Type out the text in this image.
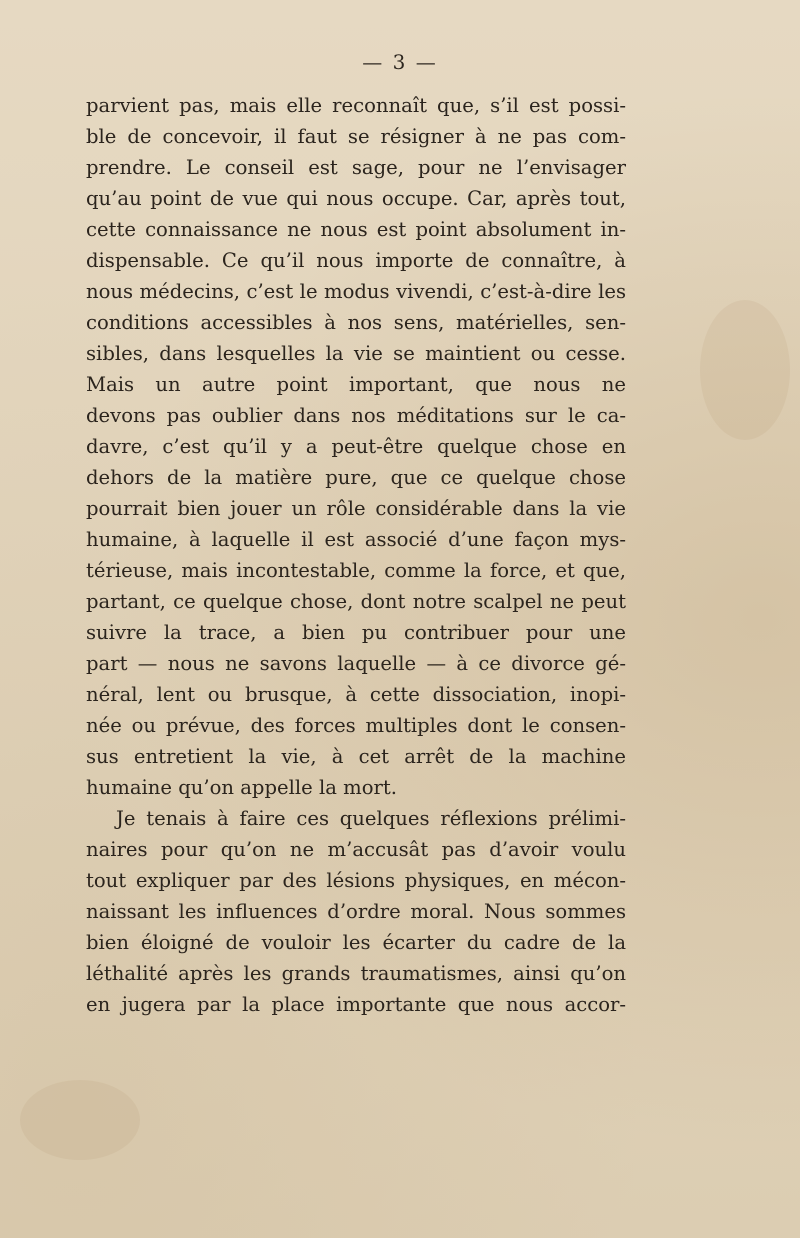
— 3 —
parvient pas, mais elle reconnaît que, s’il est possi-
ble de concevoir, il faut se résigner à ne pas com-
prendre. Le conseil est sage, pour ne l’envisager
qu’au point de vue qui nous occupe. Car, après tout,
cette connaissance ne nous est point absolument in-
dispensable. Ce qu’il nous importe de connaître, à
nous médecins, c’est le modus vivendi, c’est-à-dire les
conditions accessibles à nos sens, matérielles, sen-
sibles, dans lesquelles la vie se maintient ou cesse.
Mais un autre point important, que nous ne
devons pas oublier dans nos méditations sur le ca-
davre, c’est qu’il y a peut-être quelque chose en
dehors de la matière pure, que ce quelque chose
pourrait bien jouer un rôle considérable dans la vie
humaine, à laquelle il est associé d’une façon mys-
térieuse, mais incontestable, comme la force, et que,
partant, ce quelque chose, dont notre scalpel ne peut
suivre la trace, a bien pu contribuer pour une
part — nous ne savons laquelle — à ce divorce gé-
néral, lent ou brusque, à cette dissociation, inopi-
née ou prévue, des forces multiples dont le consen-
sus entretient la vie, à cet arrêt de la machine
humaine qu’on appelle la mort.
Je tenais à faire ces quelques réflexions prélimi-
naires pour qu’on ne m’accusât pas d’avoir voulu
tout expliquer par des lésions physiques, en mécon-
naissant les influences d’ordre moral. Nous sommes
bien éloigné de vouloir les écarter du cadre de la
léthalité après les grands traumatismes, ainsi qu’on
en jugera par la place importante que nous accor-
